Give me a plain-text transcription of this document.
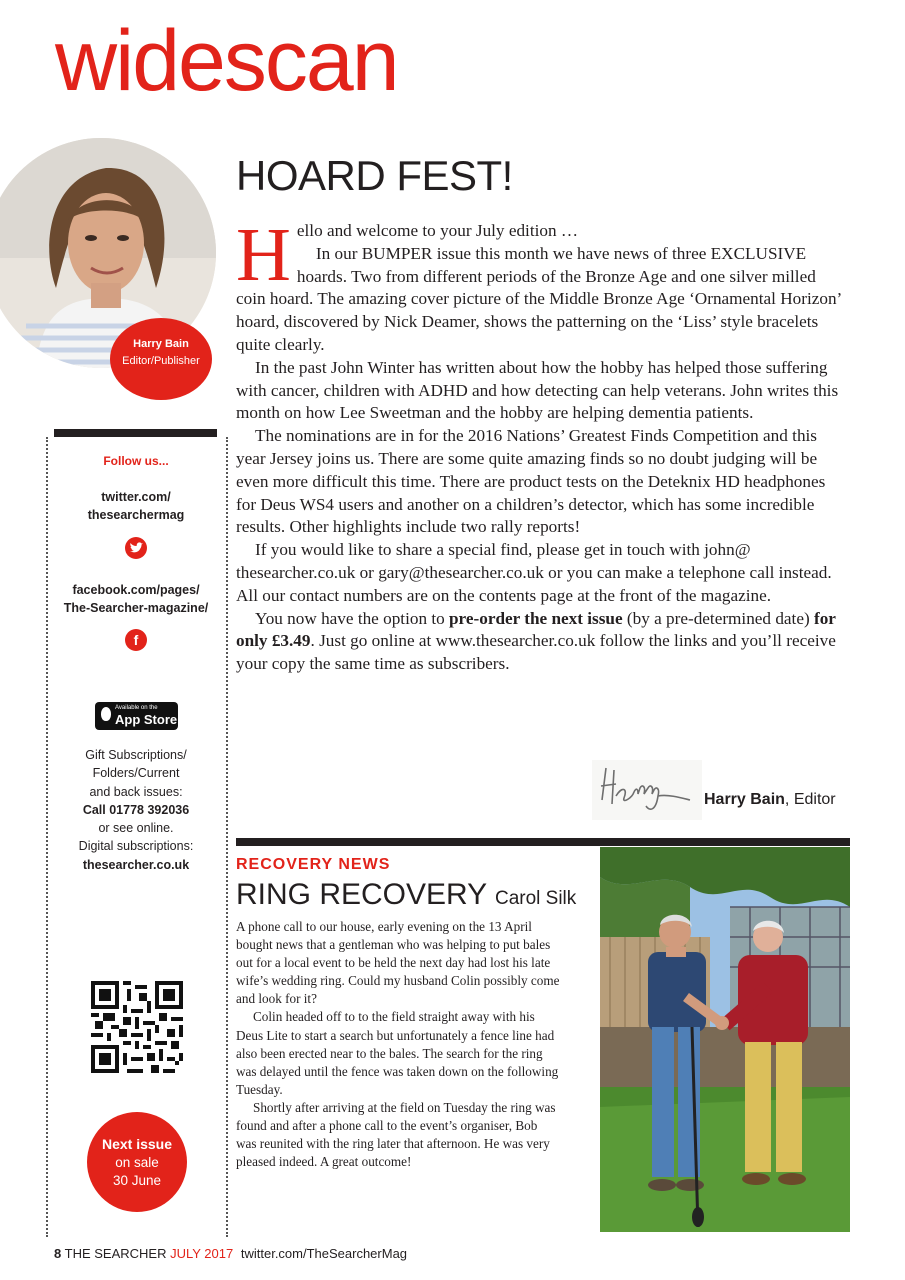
widescan
Harry Bain
Editor/Publisher
Follow us...
twitter.com/
thesearchermag
facebook.com/pages/
The-Searcher-magazine/
f
Available on the
App Store
Gift Subscriptions/
Folders/Current
and back issues:
Call 01778 392036
or see online.
Digital subscriptions:
thesearcher.co.uk
Next issue
on sale
30 June
HOARD FEST!

Hello and welcome to your July edition …

In our BUMPER issue this month we have news of three EXCLUSIVE hoards. Two from different periods of the Bronze Age and one silver milled coin hoard. The amazing cover picture of the Middle Bronze Age ‘Ornamental Horizon’ hoard, discovered by Nick Deamer, shows the patterning on the ‘Liss’ style bracelets quite clearly.

In the past John Winter has written about how the hobby has helped those suffering with cancer, children with ADHD and how detecting can help veterans. John writes this month on how Lee Sweetman and the hobby are helping dementia patients.

The nominations are in for the 2016 Nations’ Greatest Finds Competition and this year Jersey joins us. There are some quite amazing finds so no doubt judging will be even more difficult this time. There are product tests on the Deteknix HD headphones for Deus WS4 users and another on a children’s detector, which has some incredible results. Other highlights include two rally reports!

If you would like to share a special find, please get in touch with john@ thesearcher.co.uk or gary@thesearcher.co.uk or you can make a telephone call instead. All our contact numbers are on the contents page at the front of the magazine.

You now have the option to pre-order the next issue (by a pre-determined date) for only £3.49. Just go online at www.thesearcher.co.uk follow the links and you’ll receive your copy the same time as subscribers.

Harry Bain, Editor
RECOVERY NEWS
RING RECOVERY Carol Silk

A phone call to our house, early evening on the 13 April bought news that a gentleman who was helping to put bales out for a local event to be held the next day had lost his late wife’s wedding ring. Could my husband Colin possibly come and look for it?

Colin headed off to to the field straight away with his Deus Lite to start a search but unfortunately a fence line had also been erected near to the bales. The search for the ring was delayed until the fence was taken down on the following Tuesday.

Shortly after arriving at the field on Tuesday the ring was found and after a phone call to the event’s organiser, Bob was reunited with the ring later that afternoon. He was very pleased indeed. A great outcome!

8 THE SEARCHER JULY 2017 twitter.com/TheSearcherMag
